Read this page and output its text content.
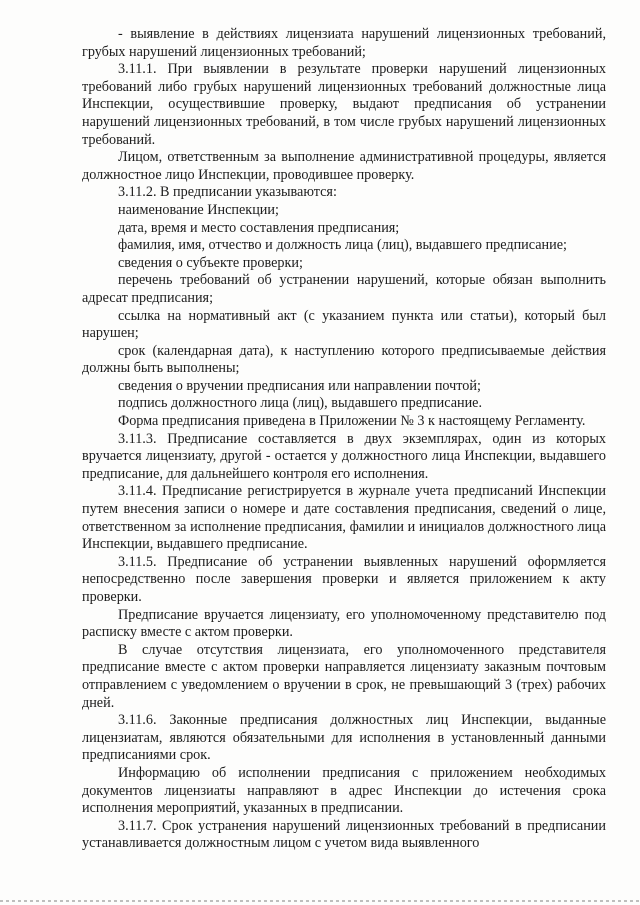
- выявление в действиях лицензиата нарушений лицензионных требований, грубых нарушений лицензионных требований;

3.11.1. При выявлении в результате проверки нарушений лицензионных требований либо грубых нарушений лицензионных требований должностные лица Инспекции, осуществившие проверку, выдают предписания об устранении нарушений лицензионных требований, в том числе грубых нарушений лицензионных требований.

Лицом, ответственным за выполнение административной процедуры, является должностное лицо Инспекции, проводившее проверку.

3.11.2. В предписании указываются:

наименование Инспекции;

дата, время и место составления предписания;

фамилия, имя, отчество и должность лица (лиц), выдавшего предписание;

сведения о субъекте проверки;

перечень требований об устранении нарушений, которые обязан выполнить адресат предписания;

ссылка на нормативный акт (с указанием пункта или статьи), который был нарушен;

срок (календарная дата), к наступлению которого предписываемые действия должны быть выполнены;

сведения о вручении предписания или направлении почтой;

подпись должностного лица (лиц), выдавшего предписание.

Форма предписания приведена в Приложении № 3 к настоящему Регламенту.

3.11.3. Предписание составляется в двух экземплярах, один из которых вручается лицензиату, другой - остается у должностного лица Инспекции, выдавшего предписание, для дальнейшего контроля его исполнения.

3.11.4. Предписание регистрируется в журнале учета предписаний Инспекции путем внесения записи о номере и дате составления предписания, сведений о лице, ответственном за исполнение предписания, фамилии и инициалов должностного лица Инспекции, выдавшего предписание.

3.11.5. Предписание об устранении выявленных нарушений оформляется непосредственно после завершения проверки и является приложением к акту проверки.

Предписание вручается лицензиату, его уполномоченному представителю под расписку вместе с актом проверки.

В случае отсутствия лицензиата, его уполномоченного представителя предписание вместе с актом проверки направляется лицензиату заказным почтовым отправлением с уведомлением о вручении в срок, не превышающий 3 (трех) рабочих дней.

3.11.6. Законные предписания должностных лиц Инспекции, выданные лицензиатам, являются обязательными для исполнения в установленный данными предписаниями срок.

Информацию об исполнении предписания с приложением необходимых документов лицензиаты направляют в адрес Инспекции до истечения срока исполнения мероприятий, указанных в предписании.

3.11.7. Срок устранения нарушений лицензионных требований в предписании устанавливается должностным лицом с учетом вида выявленного
